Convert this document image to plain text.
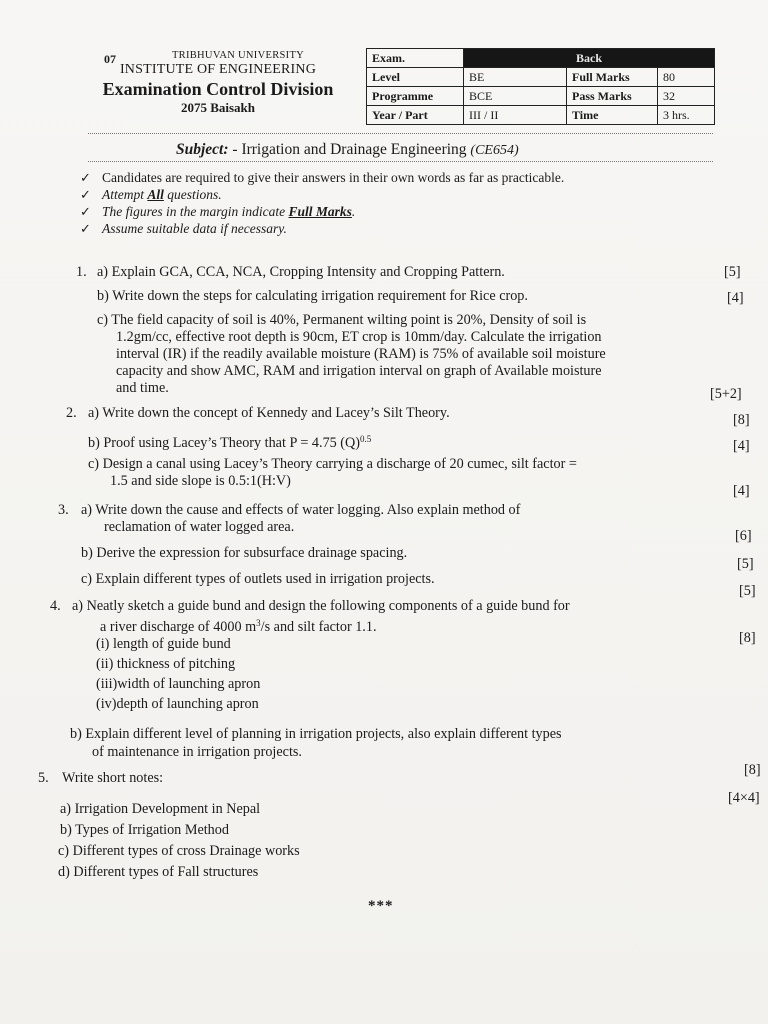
07	TRIBHUVAN UNIVERSITY
INSTITUTE OF ENGINEERING
Examination Control Division
2075 Baisakh
Exam.	Back		
Level	BE	Full Marks	80
Programme	BCE	Pass Marks	32
Year / Part	III / II	Time	3 hrs.
Subject: - Irrigation and Drainage Engineering (CE654)
✓ Candidates are required to give their answers in their own words as far as practicable.
✓ Attempt All questions.
✓ The figures in the margin indicate Full Marks.
✓ Assume suitable data if necessary.
1. a) Explain GCA, CCA, NCA, Cropping Intensity and Cropping Pattern.	[5]
b) Write down the steps for calculating irrigation requirement for Rice crop.	[4]
c) The field capacity of soil is 40%, Permanent wilting point is 20%, Density of soil is
1.2gm/cc, effective root depth is 90cm, ET crop is 10mm/day. Calculate the irrigation
interval (IR) if the readily available moisture (RAM) is 75% of available soil moisture
capacity and show AMC, RAM and irrigation interval on graph of Available moisture
and time.	[5+2]
2. a) Write down the concept of Kennedy and Lacey’s Silt Theory.	[8]
b) Proof using Lacey’s Theory that P = 4.75 $(Q)^{0.5}$	[4]
c) Design a canal using Lacey’s Theory carrying a discharge of 20 cumec, silt factor =
1.5 and side slope is 0.5:1(H:V)
[4]
3. a) Write down the cause and effects of water logging. Also explain method of
reclamation of water logged area.
[6]
b) Derive the expression for subsurface drainage spacing.
[5]
c) Explain different types of outlets used in irrigation projects.
[5]
4. a) Neatly sketch a guide bund and design the following components of a guide bund for
a river discharge of 4000 $m^3/s$ and silt factor 1.1.
[8]
(i) length of guide bund
(ii) thickness of pitching
(iii)width of launching apron
(iv)depth of launching apron
b) Explain different level of planning in irrigation projects, also explain different types
of maintenance in irrigation projects.
[8]
5. Write short notes:
[4×4]
a) Irrigation Development in Nepal
b) Types of Irrigation Method
c) Different types of cross Drainage works
d) Different types of Fall structures
***
